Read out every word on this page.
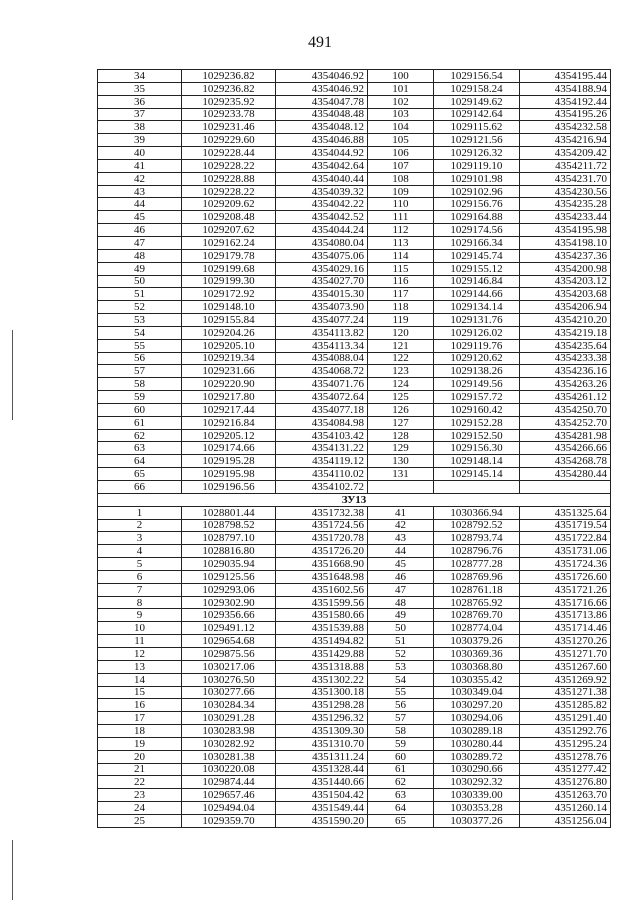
491
34	1029236.82	4354046.92	100	1029156.54	4354195.44
35	1029236.82	4354046.92	101	1029158.24	4354188.94
36	1029235.92	4354047.78	102	1029149.62	4354192.44
37	1029233.78	4354048.48	103	1029142.64	4354195.26
38	1029231.46	4354048.12	104	1029115.62	4354232.58
39	1029229.60	4354046.88	105	1029121.56	4354216.94
40	1029228.44	4354044.92	106	1029126.32	4354209.42
41	1029228.22	4354042.64	107	1029119.10	4354211.72
42	1029228.88	4354040.44	108	1029101.98	4354231.70
43	1029228.22	4354039.32	109	1029102.96	4354230.56
44	1029209.62	4354042.22	110	1029156.76	4354235.28
45	1029208.48	4354042.52	111	1029164.88	4354233.44
46	1029207.62	4354044.24	112	1029174.56	4354195.98
47	1029162.24	4354080.04	113	1029166.34	4354198.10
48	1029179.78	4354075.06	114	1029145.74	4354237.36
49	1029199.68	4354029.16	115	1029155.12	4354200.98
50	1029199.30	4354027.70	116	1029146.84	4354203.12
51	1029172.92	4354015.30	117	1029144.66	4354203.68
52	1029148.10	4354073.90	118	1029134.14	4354206.94
53	1029155.84	4354077.24	119	1029131.76	4354210.20
54	1029204.26	4354113.82	120	1029126.02	4354219.18
55	1029205.10	4354113.34	121	1029119.76	4354235.64
56	1029219.34	4354088.04	122	1029120.62	4354233.38
57	1029231.66	4354068.72	123	1029138.26	4354236.16
58	1029220.90	4354071.76	124	1029149.56	4354263.26
59	1029217.80	4354072.64	125	1029157.72	4354261.12
60	1029217.44	4354077.18	126	1029160.42	4354250.70
61	1029216.84	4354084.98	127	1029152.28	4354252.70
62	1029205.12	4354103.42	128	1029152.50	4354281.98
63	1029174.66	4354131.22	129	1029156.30	4354266.66
64	1029195.28	4354119.12	130	1029148.14	4354268.78
65	1029195.98	4354110.02	131	1029145.14	4354280.44
66	1029196.56	4354102.72			
ЗУ13					
1	1028801.44	4351732.38	41	1030366.94	4351325.64
2	1028798.52	4351724.56	42	1028792.52	4351719.54
3	1028797.10	4351720.78	43	1028793.74	4351722.84
4	1028816.80	4351726.20	44	1028796.76	4351731.06
5	1029035.94	4351668.90	45	1028777.28	4351724.36
6	1029125.56	4351648.98	46	1028769.96	4351726.60
7	1029293.06	4351602.56	47	1028761.18	4351721.26
8	1029302.90	4351599.56	48	1028765.92	4351716.66
9	1029356.66	4351580.66	49	1028769.70	4351713.86
10	1029491.12	4351539.88	50	1028774.04	4351714.46
11	1029654.68	4351494.82	51	1030379.26	4351270.26
12	1029875.56	4351429.88	52	1030369.36	4351271.70
13	1030217.06	4351318.88	53	1030368.80	4351267.60
14	1030276.50	4351302.22	54	1030355.42	4351269.92
15	1030277.66	4351300.18	55	1030349.04	4351271.38
16	1030284.34	4351298.28	56	1030297.20	4351285.82
17	1030291.28	4351296.32	57	1030294.06	4351291.40
18	1030283.98	4351309.30	58	1030289.18	4351292.76
19	1030282.92	4351310.70	59	1030280.44	4351295.24
20	1030281.38	4351311.24	60	1030289.72	4351278.76
21	1030220.08	4351328.44	61	1030290.66	4351277.42
22	1029874.44	4351440.66	62	1030292.32	4351276.80
23	1029657.46	4351504.42	63	1030339.00	4351263.70
24	1029494.04	4351549.44	64	1030353.28	4351260.14
25	1029359.70	4351590.20	65	1030377.26	4351256.04
